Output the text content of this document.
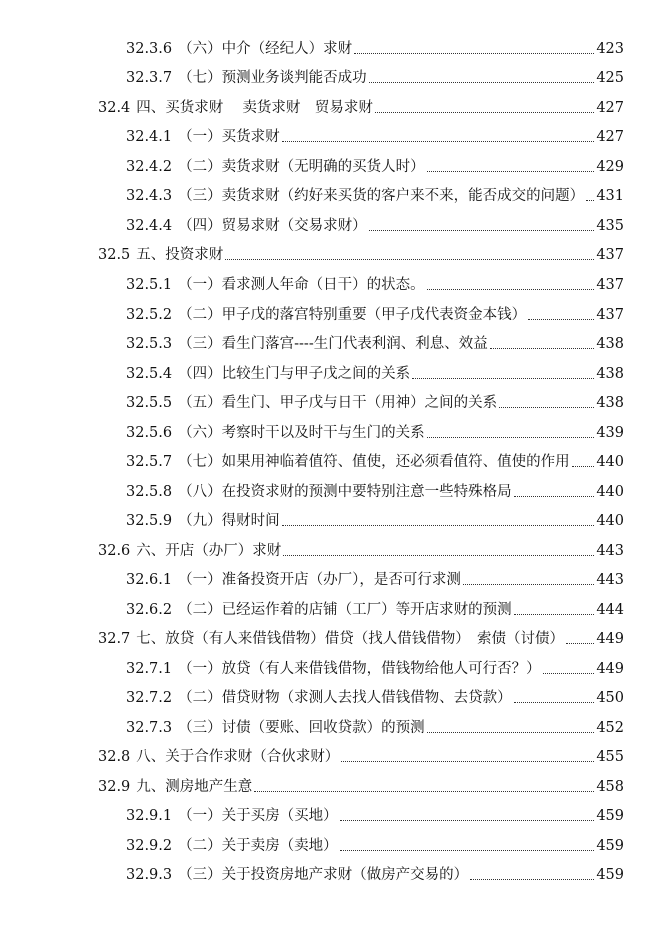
32.3.6 （六）中介（经纪人）求财	423
32.3.7 （七）预测业务谈判能否成功	425
32.4 四、买货求财　 卖货求财　贸易求财	427
32.4.1 （一）买货求财	427
32.4.2 （二）卖货求财（无明确的买货人时）	429
32.4.3 （三）卖货求财（约好来买货的客户来不来，能否成交的问题） 431
32.4.4 （四）贸易求财（交易求财）	435
32.5 五、投资求财	437
32.5.1 （一）看求测人年命（日干）的状态。	437
32.5.2 （二）甲子戊的落宫特别重要（甲子戊代表资金本钱）	437
32.5.3 （三）看生门落宫----生门代表利润、利息、效益	438
32.5.4 （四）比较生门与甲子戊之间的关系	438
32.5.5 （五）看生门、甲子戊与日干（用神）之间的关系	438
32.5.6 （六）考察时干以及时干与生门的关系	439
32.5.7 （七）如果用神临着值符、值使，还必须看值符、值使的作用 440
32.5.8 （八）在投资求财的预测中要特别注意一些特殊格局	440
32.5.9 （九）得财时间	440
32.6 六、开店（办厂）求财	443
32.6.1 （一）准备投资开店（办厂），是否可行求测	443
32.6.2 （二）已经运作着的店铺（工厂）等开店求财的预测	444
32.7 七、放贷（有人来借钱借物）借贷（找人借钱借物）　索债（讨债） 449
32.7.1 （一）放贷（有人来借钱借物，借钱物给他人可行否？）	449
32.7.2 （二）借贷财物（求测人去找人借钱借物、去贷款）	450
32.7.3 （三）讨债（要账、回收贷款）的预测	452
32.8 八、关于合作求财（合伙求财）	455
32.9 九、测房地产生意	458
32.9.1 （一）关于买房（买地）	459
32.9.2 （二）关于卖房（卖地）	459
32.9.3 （三）关于投资房地产求财（做房产交易的）	459
